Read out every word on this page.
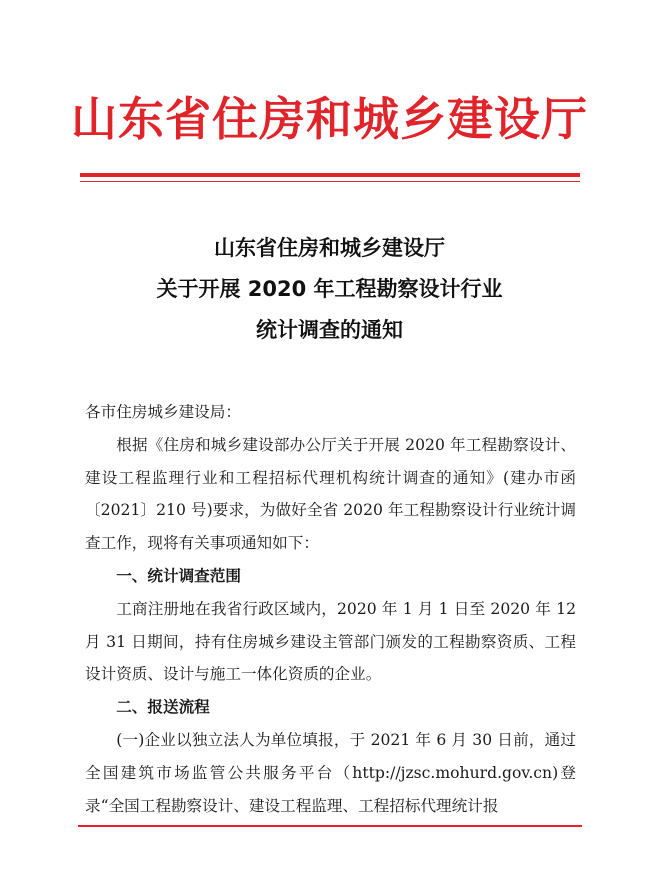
山东省住房和城乡建设厅
山东省住房和城乡建设厅
关于开展 2020 年工程勘察设计行业
统计调查的通知

各市住房城乡建设局：

根据《住房和城乡建设部办公厅关于开展 2020 年工程勘察设计、建设工程监理行业和工程招标代理机构统计调查的通知》(建办市函〔2021〕210 号)要求，为做好全省 2020 年工程勘察设计行业统计调查工作，现将有关事项通知如下：

一、统计调查范围

工商注册地在我省行政区域内，2020 年 1 月 1 日至 2020 年 12 月 31 日期间，持有住房城乡建设主管部门颁发的工程勘察资质、工程设计资质、设计与施工一体化资质的企业。

二、报送流程

(一)企业以独立法人为单位填报，于 2021 年 6 月 30 日前，通过全国建筑市场监管公共服务平台（http://jzsc.mohurd.gov.cn)登录“全国工程勘察设计、建设工程监理、工程招标代理统计报
